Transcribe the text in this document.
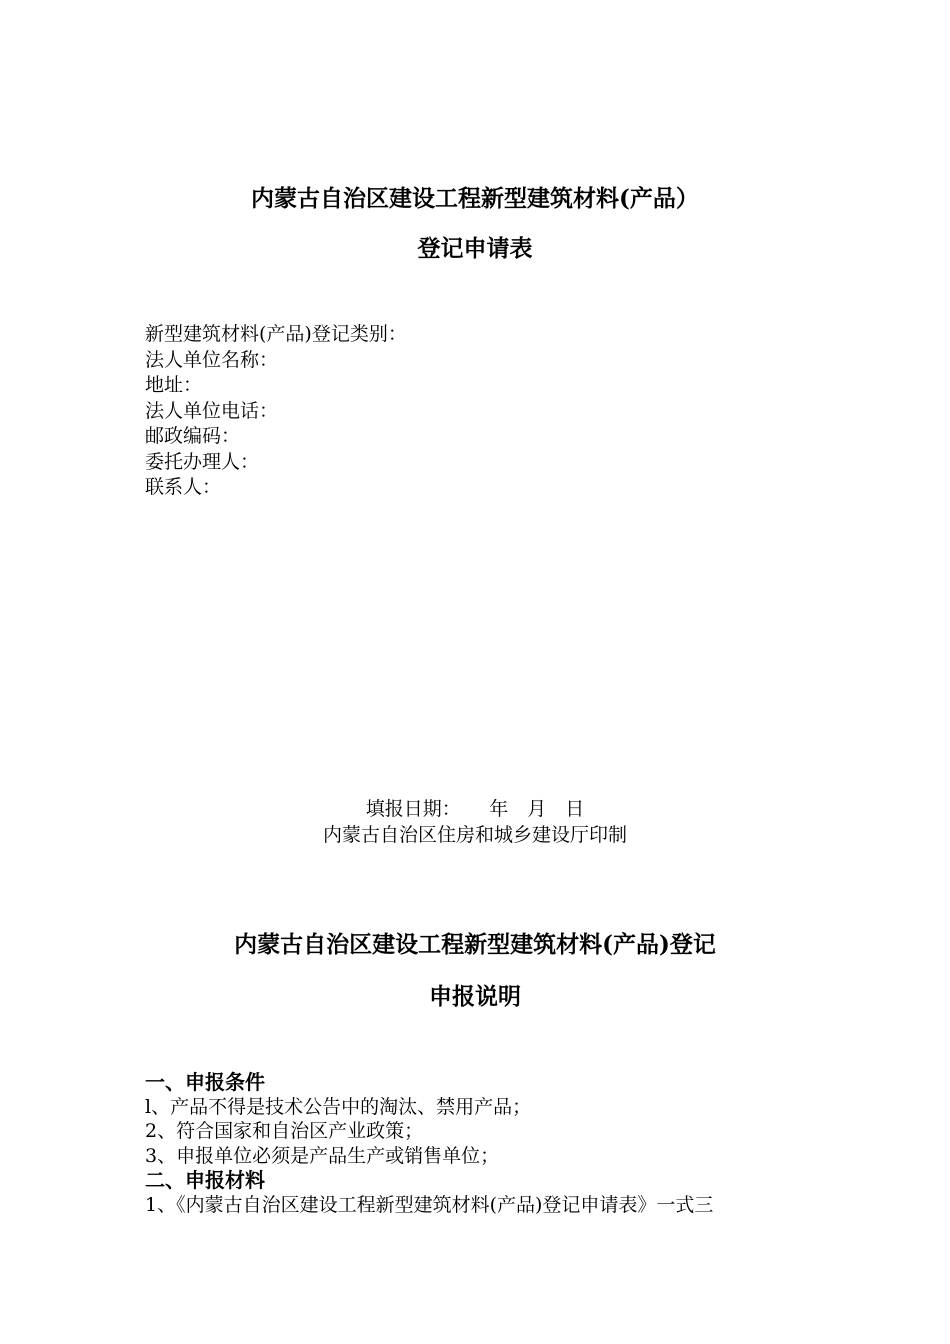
内蒙古自治区建设工程新型建筑材料(产品）
登记申请表
新型建筑材料(产品)登记类别：
法人单位名称：
地址：
法人单位电话：
邮政编码：
委托办理人：
联系人：
填报日期：　　年　月　日
内蒙古自治区住房和城乡建设厅印制
内蒙古自治区建设工程新型建筑材料(产品)登记
申报说明
一、申报条件
l、产品不得是技术公告中的淘汰、禁用产品；
2、符合国家和自治区产业政策；
3、申报单位必须是产品生产或销售单位；
二、申报材料
1、《内蒙古自治区建设工程新型建筑材料(产品)登记申请表》一式三
